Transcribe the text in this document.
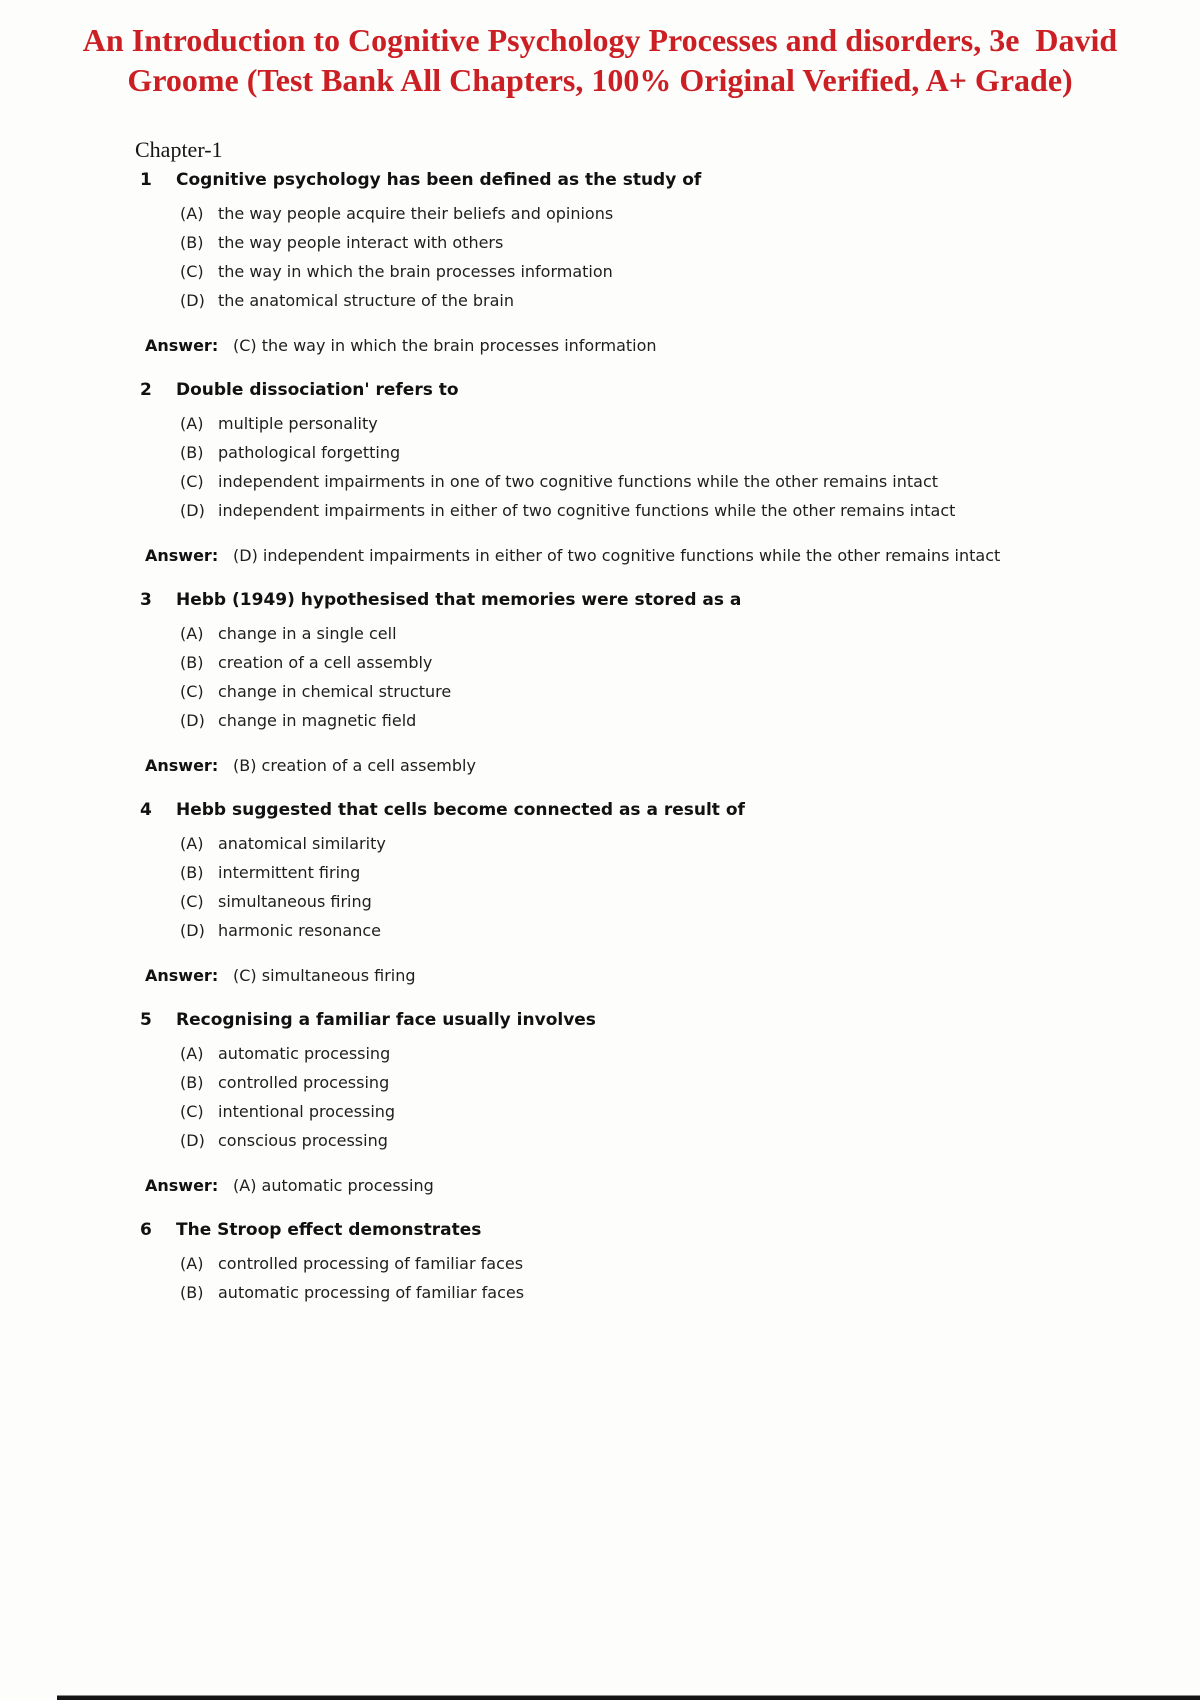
An Introduction to Cognitive Psychology Processes and disorders, 3e  David
Groome (Test Bank All Chapters, 100% Original Verified, A+ Grade)
Chapter-1
1	Cognitive psychology has been defined as the study of
(A) the way people acquire their beliefs and opinions
(B) the way people interact with others
(C) the way in which the brain processes information
(D) the anatomical structure of the brain
Answer: (C) the way in which the brain processes information
2	Double dissociation' refers to
(A) multiple personality
(B) pathological forgetting
(C) independent impairments in one of two cognitive functions while the other remains intact
(D) independent impairments in either of two cognitive functions while the other remains intact
Answer: (D) independent impairments in either of two cognitive functions while the other remains intact
3	Hebb (1949) hypothesised that memories were stored as a
(A) change in a single cell
(B) creation of a cell assembly
(C) change in chemical structure
(D) change in magnetic field
Answer: (B) creation of a cell assembly
4	Hebb suggested that cells become connected as a result of
(A) anatomical similarity
(B) intermittent firing
(C) simultaneous firing
(D) harmonic resonance
Answer: (C) simultaneous firing
5	Recognising a familiar face usually involves
(A) automatic processing
(B) controlled processing
(C) intentional processing
(D) conscious processing
Answer: (A) automatic processing
6	The Stroop effect demonstrates
(A) controlled processing of familiar faces
(B) automatic processing of familiar faces
